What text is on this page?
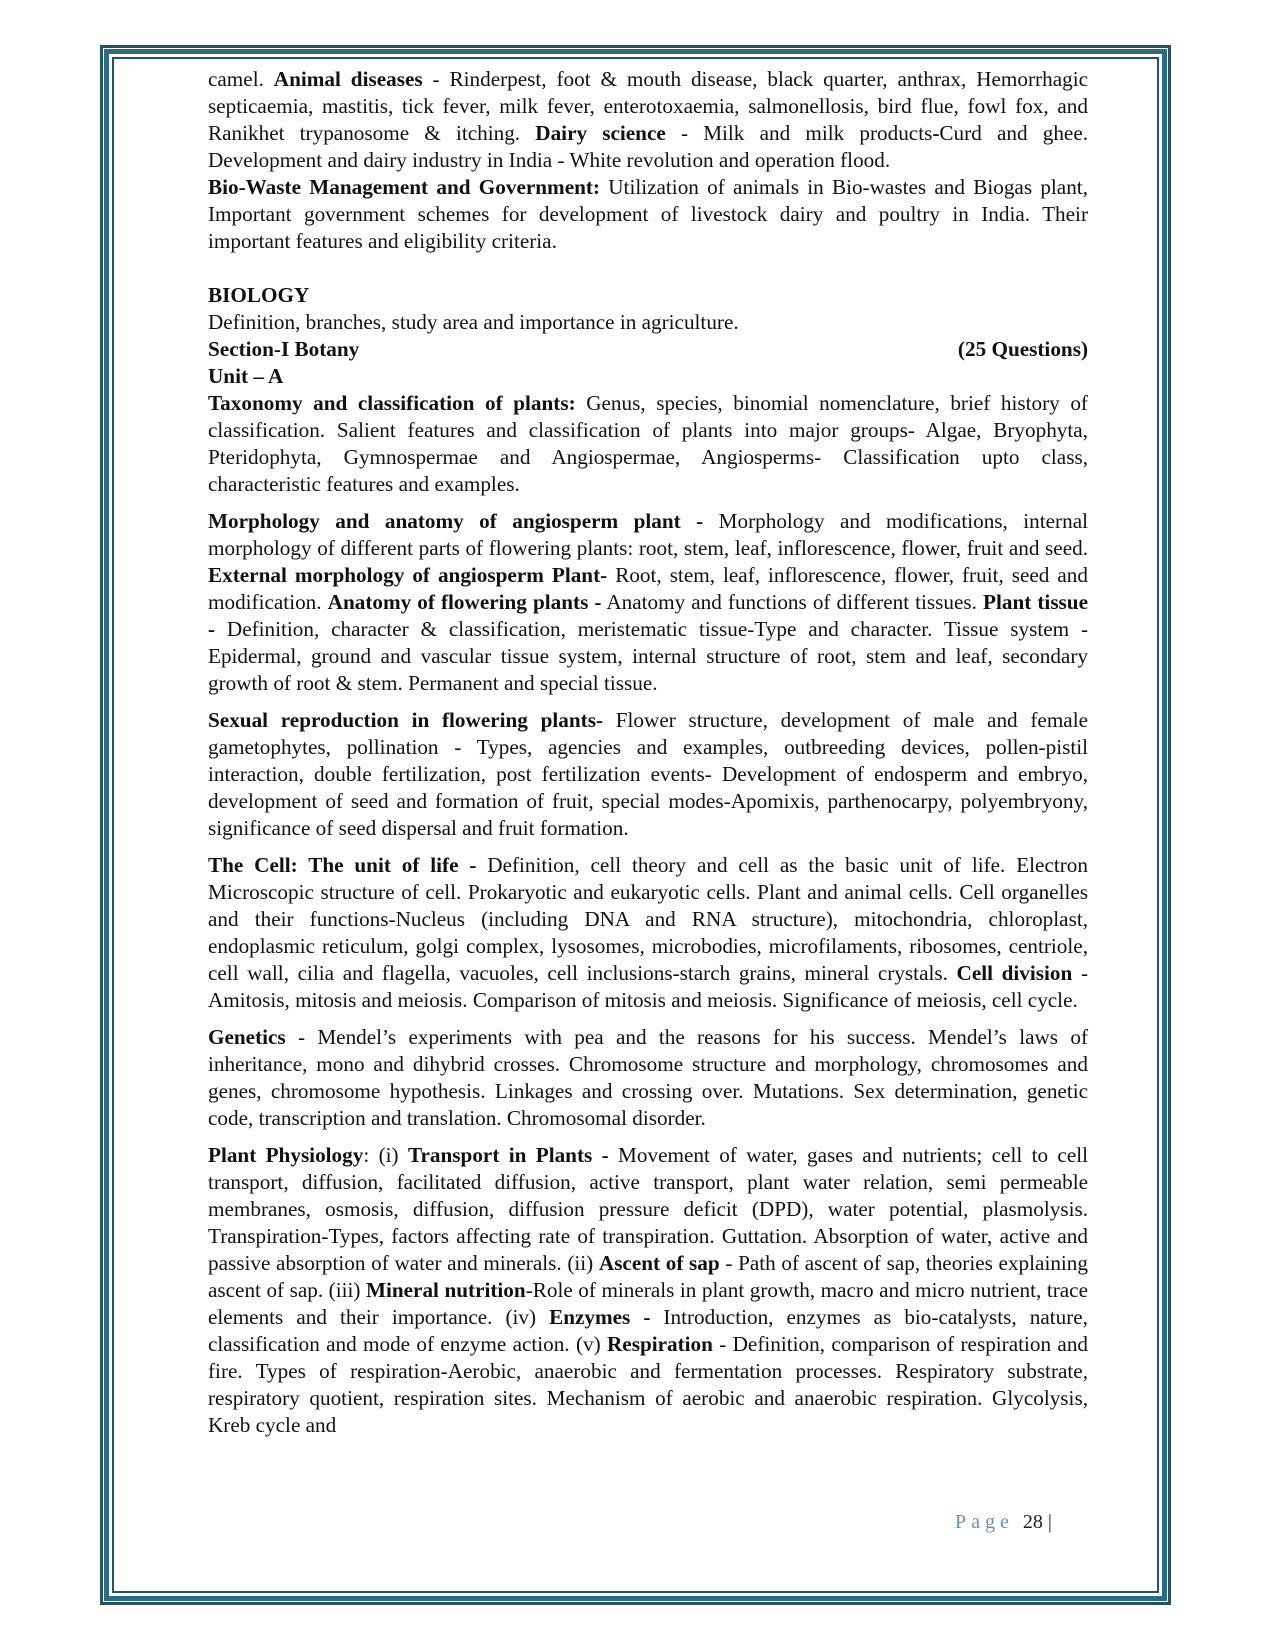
camel. Animal diseases - Rinderpest, foot & mouth disease, black quarter, anthrax, Hemorrhagic septicaemia, mastitis, tick fever, milk fever, enterotoxaemia, salmonellosis, bird flue, fowl fox, and Ranikhet trypanosome & itching. Dairy science - Milk and milk products-Curd and ghee. Development and dairy industry in India - White revolution and operation flood.

Bio-Waste Management and Government: Utilization of animals in Bio-wastes and Biogas plant, Important government schemes for development of livestock dairy and poultry in India. Their important features and eligibility criteria.

BIOLOGY

Definition, branches, study area and importance in agriculture.

Section-I Botany	(25 Questions)

Unit – A

Taxonomy and classification of plants: Genus, species, binomial nomenclature, brief history of classification. Salient features and classification of plants into major groups- Algae, Bryophyta, Pteridophyta, Gymnospermae and Angiospermae, Angiosperms- Classification upto class, characteristic features and examples.

Morphology and anatomy of angiosperm plant - Morphology and modifications, internal morphology of different parts of flowering plants: root, stem, leaf, inflorescence, flower, fruit and seed. External morphology of angiosperm Plant- Root, stem, leaf, inflorescence, flower, fruit, seed and modification. Anatomy of flowering plants - Anatomy and functions of different tissues. Plant tissue - Definition, character & classification, meristematic tissue-Type and character. Tissue system - Epidermal, ground and vascular tissue system, internal structure of root, stem and leaf, secondary growth of root & stem. Permanent and special tissue.

Sexual reproduction in flowering plants- Flower structure, development of male and female gametophytes, pollination - Types, agencies and examples, outbreeding devices, pollen-pistil interaction, double fertilization, post fertilization events- Development of endosperm and embryo, development of seed and formation of fruit, special modes-Apomixis, parthenocarpy, polyembryony, significance of seed dispersal and fruit formation.

The Cell: The unit of life - Definition, cell theory and cell as the basic unit of life. Electron Microscopic structure of cell. Prokaryotic and eukaryotic cells. Plant and animal cells. Cell organelles and their functions-Nucleus (including DNA and RNA structure), mitochondria, chloroplast, endoplasmic reticulum, golgi complex, lysosomes, microbodies, microfilaments, ribosomes, centriole, cell wall, cilia and flagella, vacuoles, cell inclusions-starch grains, mineral crystals. Cell division - Amitosis, mitosis and meiosis. Comparison of mitosis and meiosis. Significance of meiosis, cell cycle.

Genetics - Mendel’s experiments with pea and the reasons for his success. Mendel’s laws of inheritance, mono and dihybrid crosses. Chromosome structure and morphology, chromosomes and genes, chromosome hypothesis. Linkages and crossing over. Mutations. Sex determination, genetic code, transcription and translation. Chromosomal disorder.

Plant Physiology: (i) Transport in Plants - Movement of water, gases and nutrients; cell to cell transport, diffusion, facilitated diffusion, active transport, plant water relation, semi permeable membranes, osmosis, diffusion, diffusion pressure deficit (DPD), water potential, plasmolysis. Transpiration-Types, factors affecting rate of transpiration. Guttation. Absorption of water, active and passive absorption of water and minerals. (ii) Ascent of sap - Path of ascent of sap, theories explaining ascent of sap. (iii) Mineral nutrition-Role of minerals in plant growth, macro and micro nutrient, trace elements and their importance. (iv) Enzymes - Introduction, enzymes as bio-catalysts, nature, classification and mode of enzyme action. (v) Respiration - Definition, comparison of respiration and fire. Types of respiration-Aerobic, anaerobic and fermentation processes. Respiratory substrate, respiratory quotient, respiration sites. Mechanism of aerobic and anaerobic respiration. Glycolysis, Kreb cycle and

Page 28 |
